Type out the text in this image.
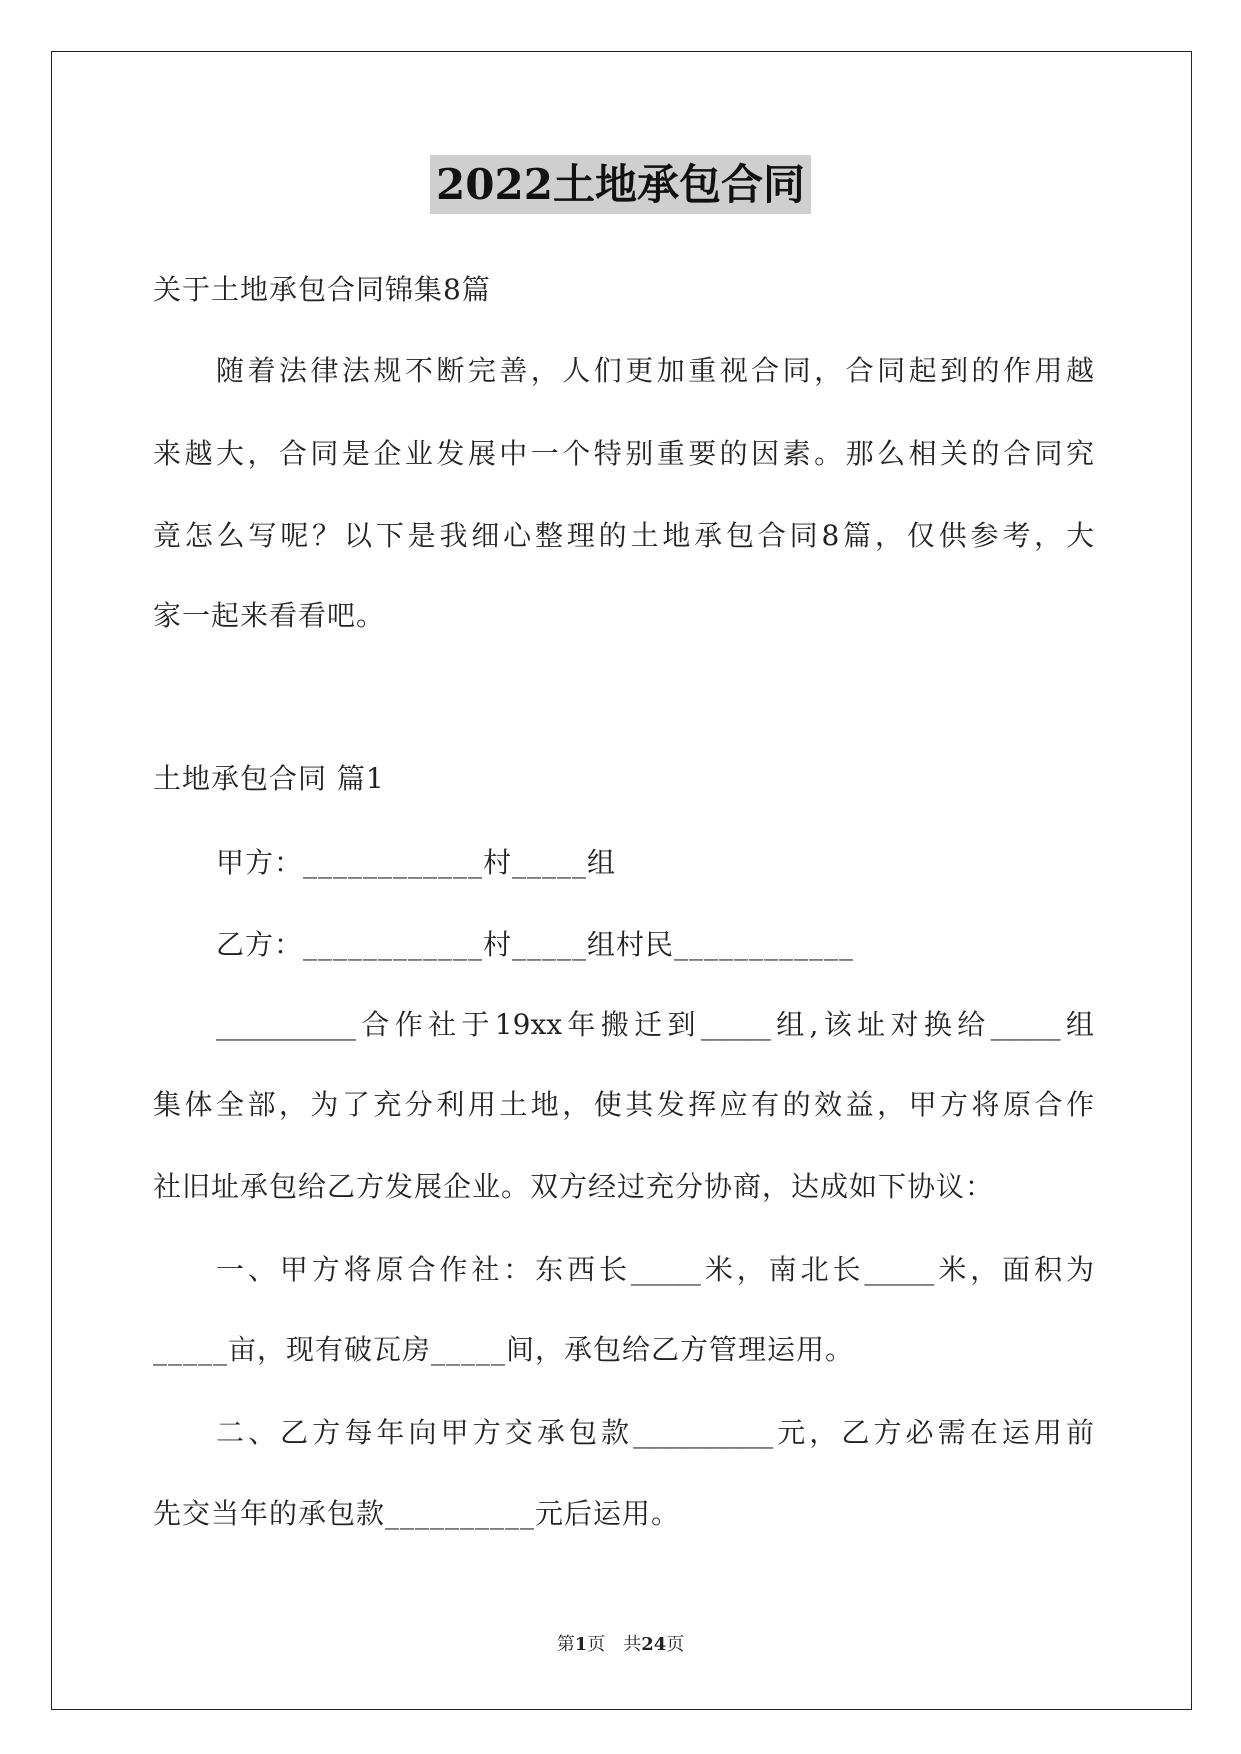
2022土地承包合同
关于土地承包合同锦集8篇
随着法律法规不断完善，人们更加重视合同，合同起到的作用越
来越大，合同是企业发展中一个特别重要的因素。那么相关的合同究
竟怎么写呢？以下是我细心整理的土地承包合同8篇，仅供参考，大
家一起来看看吧。
土地承包合同 篇1
甲方：____________村_____组
乙方：____________村_____组村民____________
__________合作社于19xx年搬迁到_____组,该址对换给_____组
集体全部，为了充分利用土地，使其发挥应有的效益，甲方将原合作
社旧址承包给乙方发展企业。双方经过充分协商，达成如下协议：
一、甲方将原合作社：东西长_____米，南北长_____米，面积为
_____亩，现有破瓦房_____间，承包给乙方管理运用。
二、乙方每年向甲方交承包款__________元，乙方必需在运用前
先交当年的承包款__________元后运用。
第1页 共24页
